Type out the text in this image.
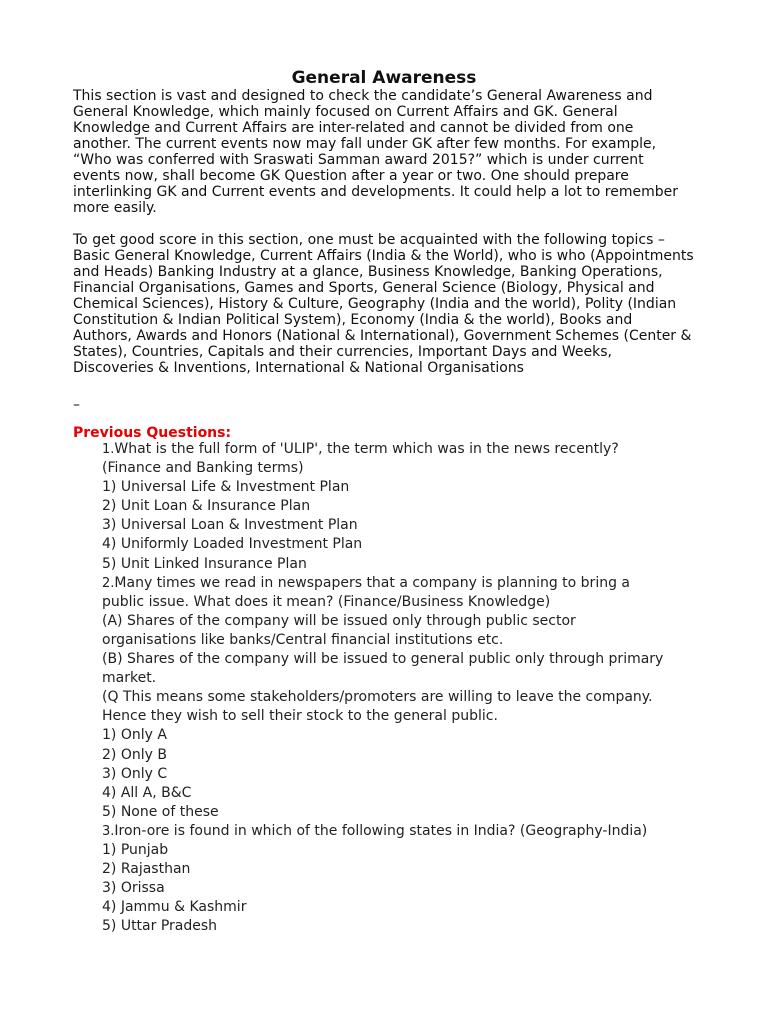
General Awareness

This section is vast and designed to check the candidate’s General Awareness and General Knowledge, which mainly focused on Current Affairs and GK. General Knowledge and Current Affairs are inter-related and cannot be divided from one another. The current events now may fall under GK after few months. For example, “Who was conferred with Sraswati Samman award 2015?” which is under current events now, shall become GK Question after a year or two. One should prepare interlinking GK and Current events and developments. It could help a lot to remember more easily.

To get good score in this section, one must be acquainted with the following topics – Basic General Knowledge, Current Affairs (India & the World), who is who (Appointments and Heads) Banking Industry at a glance, Business Knowledge, Banking Operations, Financial Organisations, Games and Sports, General Science (Biology, Physical and Chemical Sciences), History & Culture, Geography (India and the world), Polity (Indian Constitution & Indian Political System), Economy (India & the world), Books and Authors, Awards and Honors (National & International), Government Schemes (Center & States), Countries, Capitals and their currencies, Important Days and Weeks, Discoveries & Inventions, International & National Organisations

–

Previous Questions:

1.What is the full form of 'ULIP', the term which was in the news recently?
(Finance and Banking terms)
1) Universal Life & Investment Plan
2) Unit Loan & Insurance Plan
3) Universal Loan & Investment Plan
4) Uniformly Loaded Investment Plan
5) Unit Linked Insurance Plan
2.Many times we read in newspapers that a company is planning to bring a
public issue. What does it mean? (Finance/Business Knowledge)
(A) Shares of the company will be issued only through public sector
organisations like banks/Central financial institutions etc.
(B) Shares of the company will be issued to general public only through primary
market.
(Q This means some stakeholders/promoters are willing to leave the company.
Hence they wish to sell their stock to the general public.
1) Only A
2) Only B
3) Only C
4) All A, B&C
5) None of these
3.Iron-ore is found in which of the following states in India? (Geography-India)
1) Punjab
2) Rajasthan
3) Orissa
4) Jammu & Kashmir
5) Uttar Pradesh
